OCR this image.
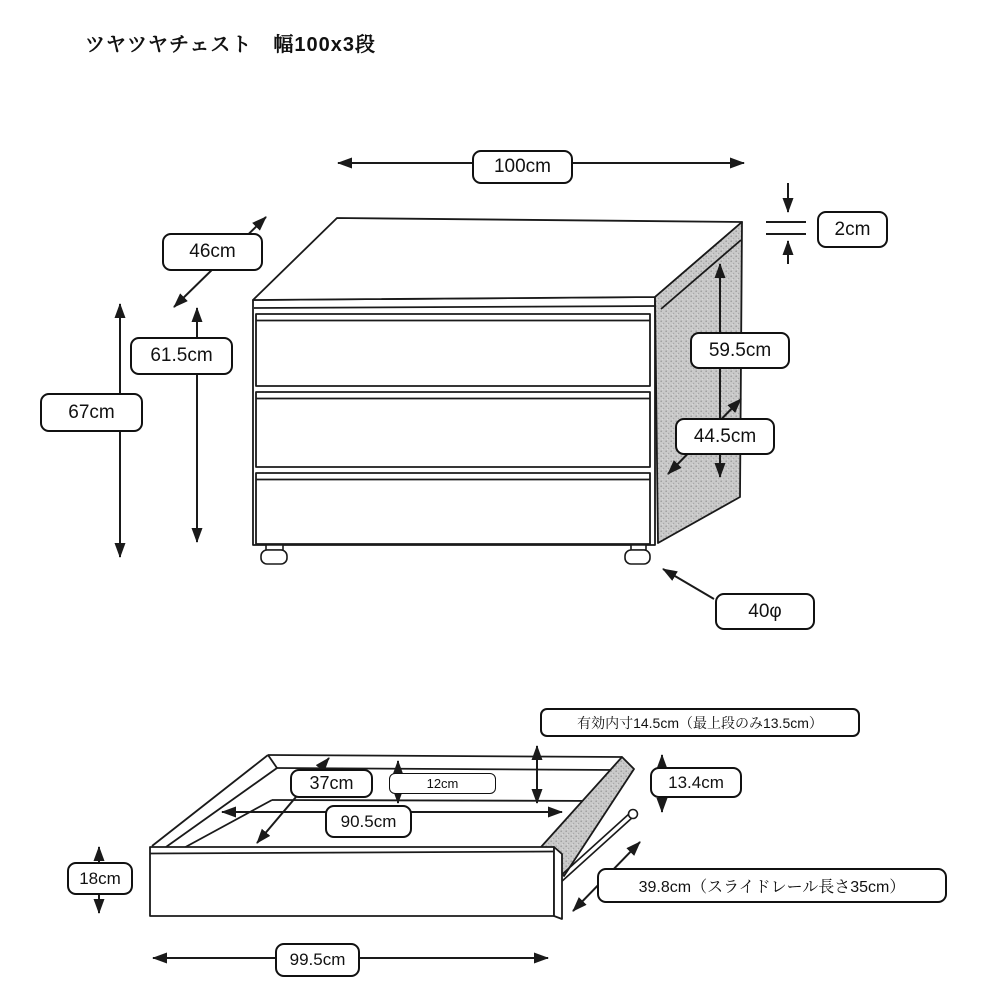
ツヤツヤチェスト　幅100x3段
100cm
2cm
46cm
61.5cm
67cm
59.5cm
44.5cm
40φ
有効内寸14.5cm（最上段のみ13.5cm）
37cm	12cm
90.5cm
13.4cm
39.8cm（スライドレール長さ35cm）
18cm
99.5cm
